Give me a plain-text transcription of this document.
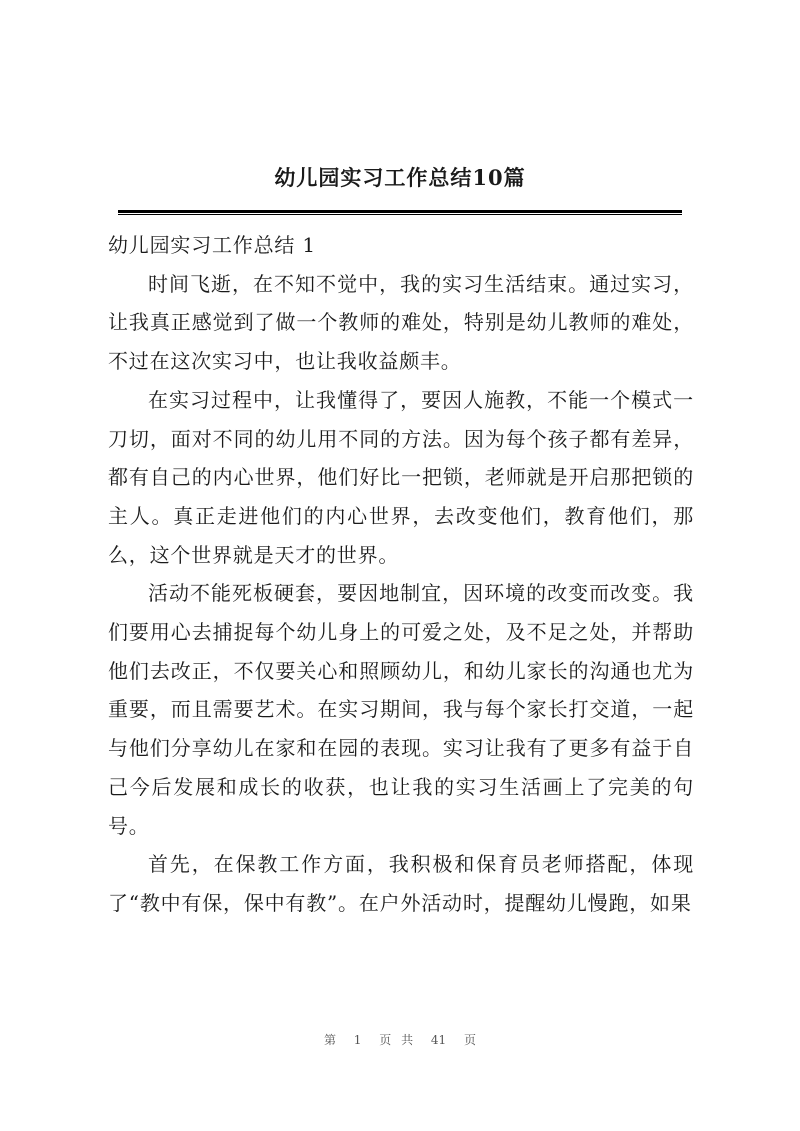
幼儿园实习工作总结10篇

幼儿园实习工作总结 1

时间飞逝，在不知不觉中，我的实习生活结束。通过实习，让我真正感觉到了做一个教师的难处，特别是幼儿教师的难处，不过在这次实习中，也让我收益颇丰。

在实习过程中，让我懂得了，要因人施教，不能一个模式一刀切，面对不同的幼儿用不同的方法。因为每个孩子都有差异，都有自己的内心世界，他们好比一把锁，老师就是开启那把锁的主人。真正走进他们的内心世界，去改变他们，教育他们，那么，这个世界就是天才的世界。

活动不能死板硬套，要因地制宜，因环境的改变而改变。我们要用心去捕捉每个幼儿身上的可爱之处，及不足之处，并帮助他们去改正，不仅要关心和照顾幼儿，和幼儿家长的沟通也尤为重要，而且需要艺术。在实习期间，我与每个家长打交道，一起与他们分享幼儿在家和在园的表现。实习让我有了更多有益于自己今后发展和成长的收获，也让我的实习生活画上了完美的句号。

首先，在保教工作方面，我积极和保育员老师搭配，体现了“教中有保，保中有教”。在户外活动时，提醒幼儿慢跑，如果

第 1 页 共 41 页
